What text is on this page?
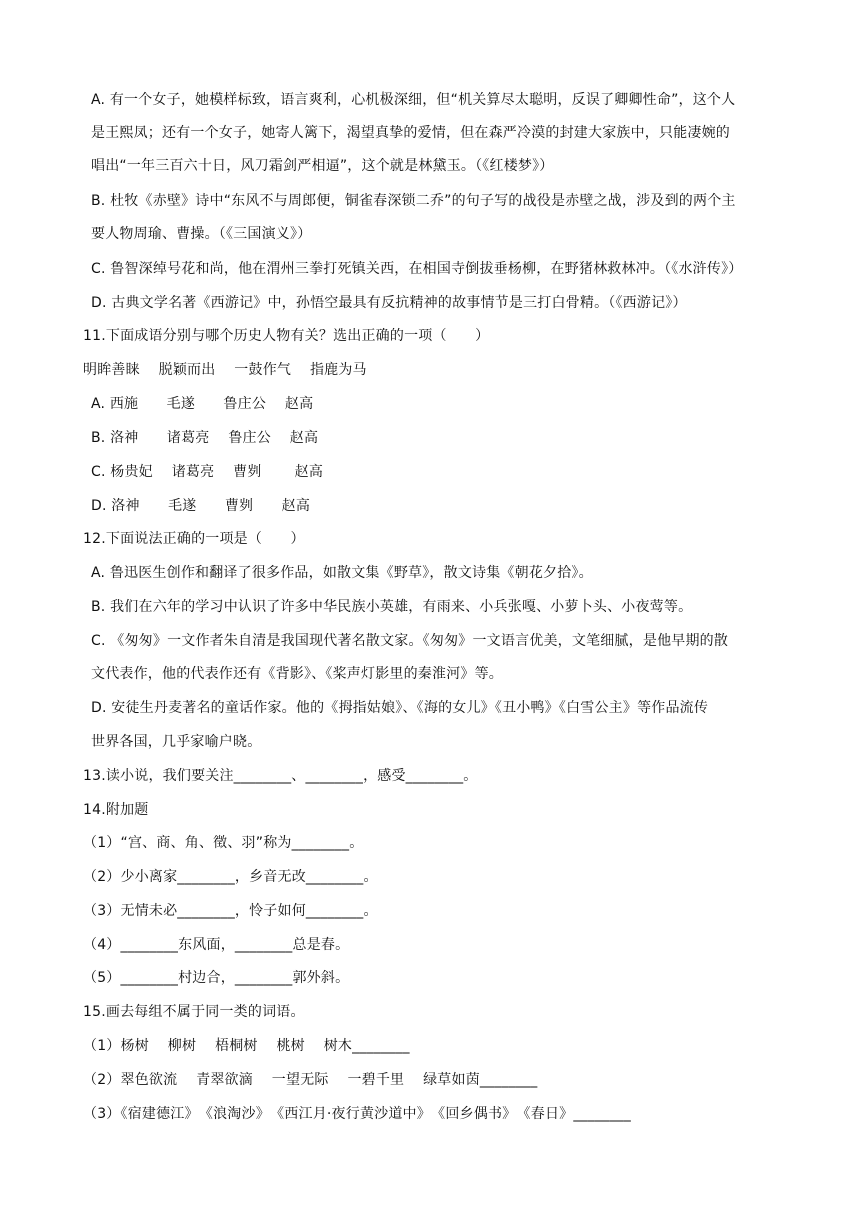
A. 有一个女子，她模样标致，语言爽利，心机极深细，但“机关算尽太聪明，反误了卿卿性命”，这个人
是王熙凤；还有一个女子，她寄人篱下，渴望真挚的爱情，但在森严冷漠的封建大家族中，只能凄婉的
唱出“一年三百六十日，风刀霜剑严相逼”，这个就是林黛玉。（《红楼梦》）
B. 杜牧《赤壁》诗中“东风不与周郎便，铜雀春深锁二乔”的句子写的战役是赤壁之战，涉及到的两个主
要人物周瑜、曹操。（《三国演义》）
C. 鲁智深绰号花和尚，他在渭州三拳打死镇关西，在相国寺倒拔垂杨柳，在野猪林救林冲。（《水浒传》）
D. 古典文学名著《西游记》中，孙悟空最具有反抗精神的故事情节是三打白骨精。（《西游记》）
11.下面成语分别与哪个历史人物有关？选出正确的一项（　　）
明眸善睐　 脱颖而出　 一鼓作气　 指鹿为马
A. 西施　　毛遂　　鲁庄公　 赵高
B. 洛神　　诸葛亮　 鲁庄公　 赵高
C. 杨贵妃　 诸葛亮　 曹刿　　 赵高
D. 洛神　　毛遂　　曹刿　　赵高
12.下面说法正确的一项是（　　）
A. 鲁迅医生创作和翻译了很多作品，如散文集《野草》，散文诗集《朝花夕拾》。
B. 我们在六年的学习中认识了许多中华民族小英雄，有雨来、小兵张嘎、小萝卜头、小夜莺等。
C. 《匆匆》一文作者朱自清是我国现代著名散文家。《匆匆》一文语言优美，文笔细腻，是他早期的散
文代表作，他的代表作还有《背影》、《桨声灯影里的秦淮河》等。
D. 安徒生丹麦著名的童话作家。他的《拇指姑娘》、《海的女儿》《丑小鸭》《白雪公主》等作品流传
世界各国，几乎家喻户晓。
13.读小说，我们要关注________、________，感受________。
14.附加题
（1）“宫、商、角、徵、羽”称为________。
（2）少小离家________，乡音无改________。
（3）无情未必________，怜子如何________。
（4）________东风面，________总是春。
（5）________村边合，________郭外斜。
15.画去每组不属于同一类的词语。
（1）杨树　 柳树　 梧桐树　 桃树　 树木________
（2）翠色欲流　 青翠欲滴　 一望无际　 一碧千里　 绿草如茵________
（3）《宿建德江》　《浪淘沙》　《西江月·夜行黄沙道中》　《回乡偶书》　《春日》________
